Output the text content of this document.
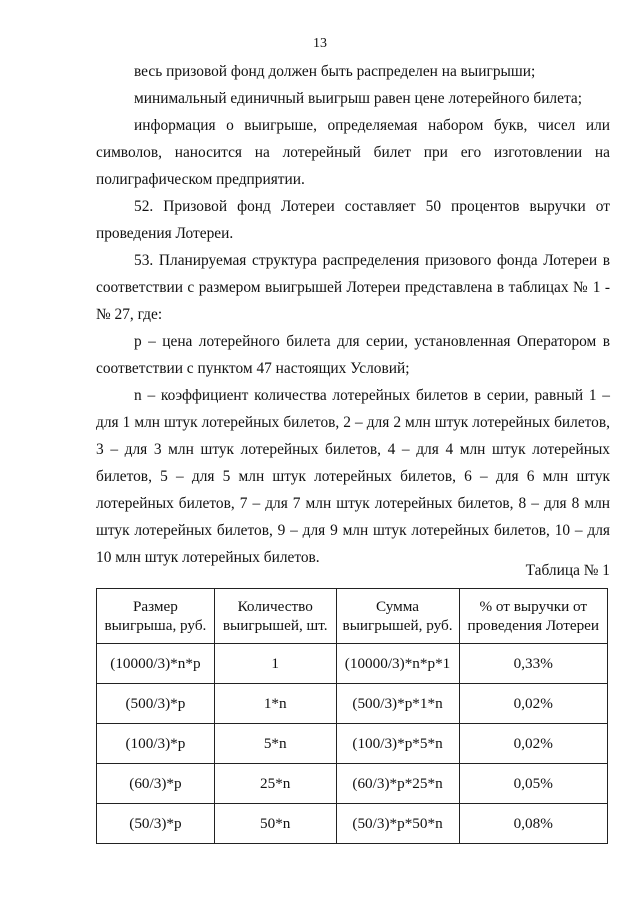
13

весь призовой фонд должен быть распределен на выигрыши;

минимальный единичный выигрыш равен цене лотерейного билета;

информация о выигрыше, определяемая набором букв, чисел или символов, наносится на лотерейный билет при его изготовлении на полиграфическом предприятии.

52. Призовой фонд Лотереи составляет 50 процентов выручки от проведения Лотереи.

53. Планируемая структура распределения призового фонда Лотереи в соответствии с размером выигрышей Лотереи представлена в таблицах № 1 - № 27, где:

p – цена лотерейного билета для серии, установленная Оператором в соответствии с пунктом 47 настоящих Условий;

n – коэффициент количества лотерейных билетов в серии, равный 1 – для 1 млн штук лотерейных билетов, 2 – для 2 млн штук лотерейных билетов, 3 – для 3 млн штук лотерейных билетов, 4 – для 4 млн штук лотерейных билетов, 5 – для 5 млн штук лотерейных билетов, 6 – для 6 млн штук лотерейных билетов, 7 – для 7 млн штук лотерейных билетов, 8 – для 8 млн штук лотерейных билетов, 9 – для 9 млн штук лотерейных билетов, 10 – для 10 млн штук лотерейных билетов.

Таблица № 1
Размер выигрыша, руб.	Количество выигрышей, шт.	Сумма выигрышей, руб.	% от выручки от проведения Лотереи
(10000/3)*n*p	1	(10000/3)*n*p*1	0,33%
(500/3)*p	1*n	(500/3)*p*1*n	0,02%
(100/3)*p	5*n	(100/3)*p*5*n	0,02%
(60/3)*p	25*n	(60/3)*p*25*n	0,05%
(50/3)*p	50*n	(50/3)*p*50*n	0,08%
